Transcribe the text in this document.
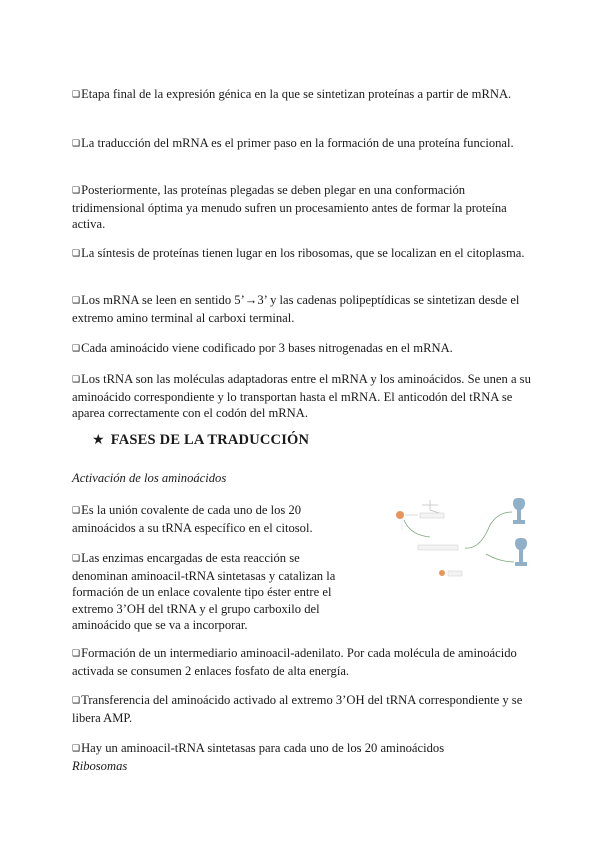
❑Etapa final de la expresión génica en la que se sintetizan proteínas a partir de mRNA.

❑La traducción del mRNA es el primer paso en la formación de una proteína funcional.

❑Posteriormente, las proteínas plegadas se deben plegar en una conformación tridimensional óptima ya menudo sufren un procesamiento antes de formar la proteína activa.

❑La síntesis de proteínas tienen lugar en los ribosomas, que se localizan en el citoplasma.

❑Los mRNA se leen en sentido 5’→3’ y las cadenas polipeptídicas se sintetizan desde el extremo amino terminal al carboxi terminal.

❑Cada aminoácido viene codificado por 3 bases nitrogenadas en el mRNA.

❑Los tRNA son las moléculas adaptadoras entre el mRNA y los aminoácidos. Se unen a su aminoácido correspondiente y lo transportan hasta el mRNA. El anticodón del tRNA se aparea correctamente con el codón del mRNA.

★ FASES DE LA TRADUCCIÓN

Activación de los aminoácidos

❑Es la unión covalente de cada uno de los 20 aminoácidos a su tRNA específico en el citosol.

❑Las enzimas encargadas de esta reacción se denominan aminoacil-tRNA sintetasas y catalizan la formación de un enlace covalente tipo éster entre el extremo 3’OH del tRNA y el grupo carboxilo del aminoácido que se va a incorporar.

❑Formación de un intermediario aminoacil-adenilato. Por cada molécula de aminoácido activada se consumen 2 enlaces fosfato de alta energía.

❑Transferencia del aminoácido activado al extremo 3’OH del tRNA correspondiente y se libera AMP.

❑Hay un aminoacil-tRNA sintetasas para cada uno de los 20 aminoácidos
Ribosomas
